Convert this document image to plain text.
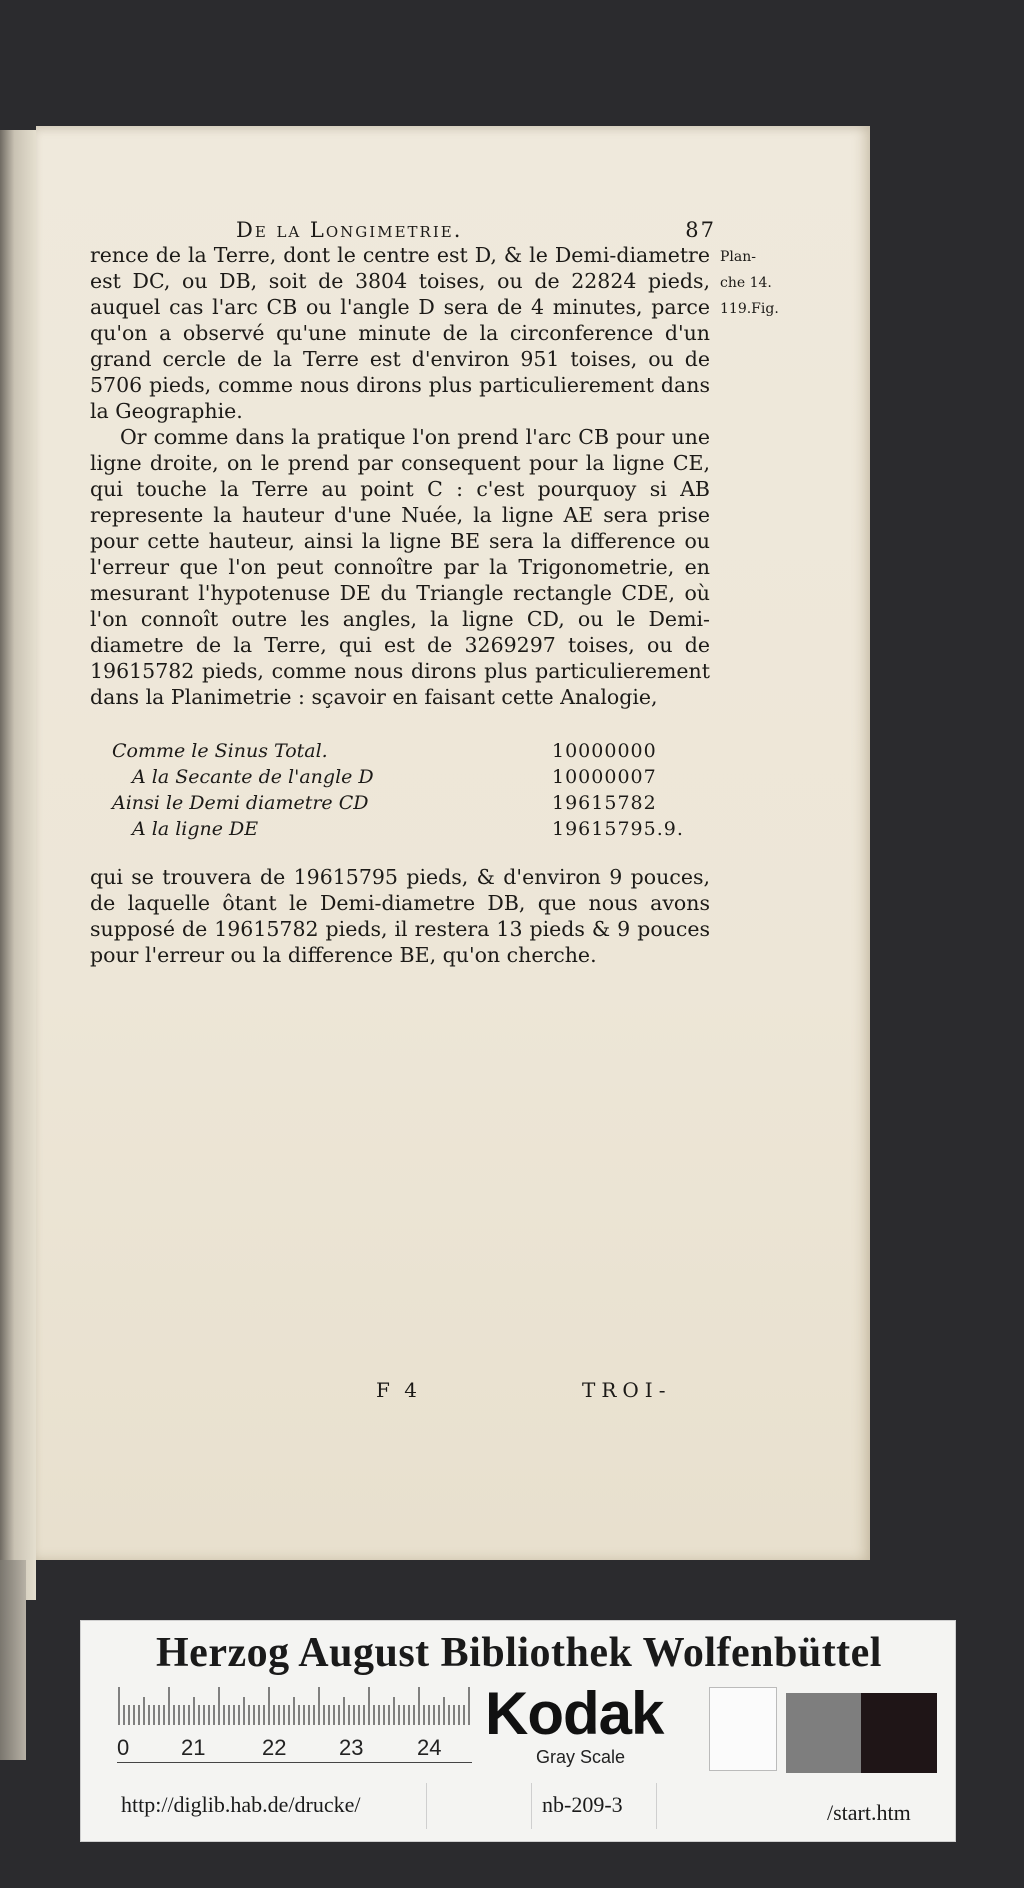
De la Longimetrie.	87
Plan-
che 14.
119.Fig.

rence de la Terre, dont le centre est D, & le Demi-diametre est DC, ou DB, soit de 3804 toises, ou de 22824 pieds, auquel cas l'arc CB ou l'angle D sera de 4 minutes, parce qu'on a observé qu'une minute de la circonference d'un grand cercle de la Terre est d'environ 951 toises, ou de 5706 pieds, comme nous dirons plus particulierement dans la Geographie.

Or comme dans la pratique l'on prend l'arc CB pour une ligne droite, on le prend par consequent pour la ligne CE, qui touche la Terre au point C : c'est pourquoy si AB represente la hauteur d'une Nuée, la ligne AE sera prise pour cette hauteur, ainsi la ligne BE sera la difference ou l'erreur que l'on peut connoître par la Trigonometrie, en mesurant l'hypotenuse DE du Triangle rectangle CDE, où l'on connoît outre les angles, la ligne CD, ou le Demi-diametre de la Terre, qui est de 3269297 toises, ou de 19615782 pieds, comme nous dirons plus particulierement dans la Planimetrie : sçavoir en faisant cette Analogie,

Comme le Sinus Total.	10000000
A la Secante de l'angle D	10000007
Ainsi le Demi diametre CD	19615782
A la ligne DE	19615795.9.
qui se trouvera de 19615795 pieds, & d'environ 9 pouces, de laquelle ôtant le Demi-diametre DB, que nous avons supposé de 19615782 pieds, il restera 13 pieds & 9 pouces pour l'erreur ou la difference BE, qu'on cherche.
F 4	TROI-
Herzog August Bibliothek Wolfenbüttel
0 21	22 23 24
Kodak
Gray Scale
http://diglib.hab.de/drucke/	nb-209-3	/start.htm
